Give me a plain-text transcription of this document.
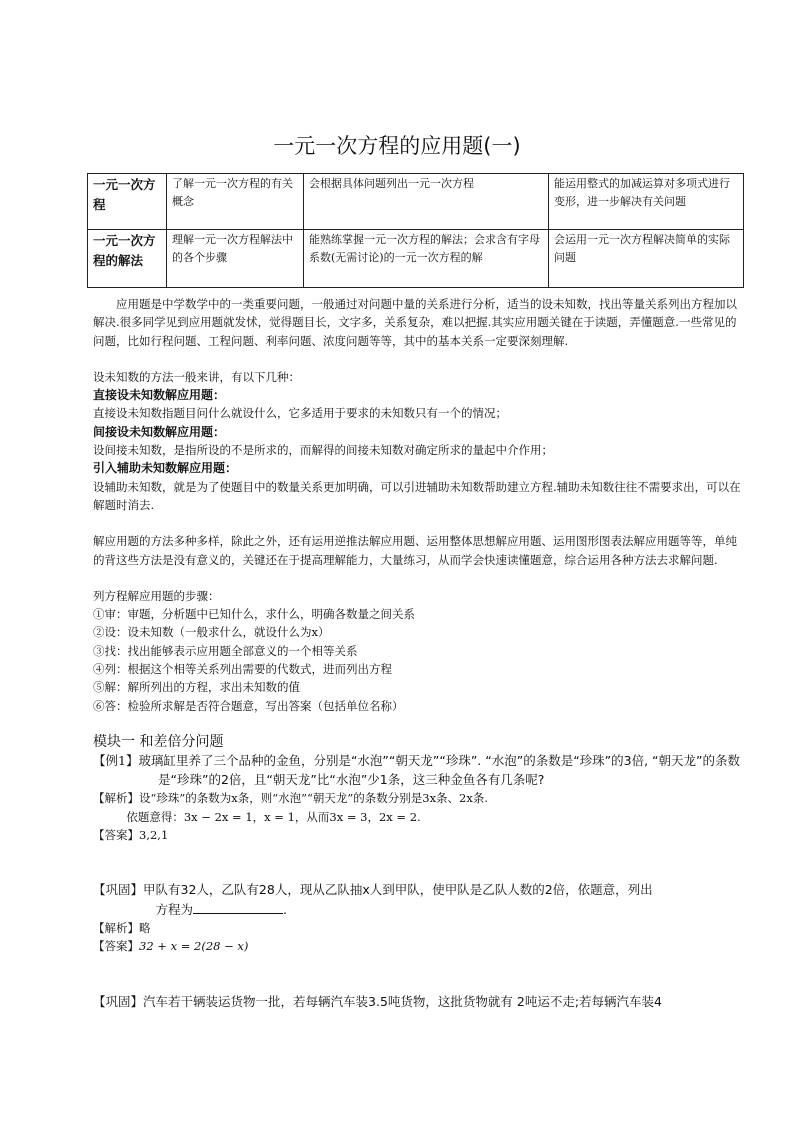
一元一次方程的应用题(一)
一元一次方程	了解一元一次方程的有关概念	会根据具体问题列出一元一次方程	能运用整式的加减运算对多项式进行变形，进一步解决有关问题
一元一次方程的解法	理解一元一次方程解法中的各个步骤	能熟练掌握一元一次方程的解法；会求含有字母系数(无需讨论)的一元一次方程的解	会运用一元一次方程解决简单的实际问题

应用题是中学数学中的一类重要问题，一般通过对问题中量的关系进行分析，适当的设未知数，找出等量关系列出方程加以解决.很多同学见到应用题就发怵，觉得题目长，文字多，关系复杂，难以把握.其实应用题关键在于读题，弄懂题意.一些常见的问题，比如行程问题、工程问题、利率问题、浓度问题等等，其中的基本关系一定要深刻理解.

设未知数的方法一般来讲，有以下几种：

直接设未知数解应用题：

直接设未知数指题目问什么就设什么，它多适用于要求的未知数只有一个的情况；

间接设未知数解应用题：

设间接未知数，是指所设的不是所求的，而解得的间接未知数对确定所求的量起中介作用；

引入辅助未知数解应用题：

设辅助未知数，就是为了使题目中的数量关系更加明确，可以引进辅助未知数帮助建立方程.辅助未知数往往不需要求出，可以在解题时消去.

解应用题的方法多种多样，除此之外，还有运用逆推法解应用题、运用整体思想解应用题、运用图形图表法解应用题等等，单纯的背这些方法是没有意义的，关键还在于提高理解能力，大量练习，从而学会快速读懂题意，综合运用各种方法去求解问题.

列方程解应用题的步骤：

①审：审题，分析题中已知什么，求什么，明确各数量之间关系

②设：设未知数（一般求什么，就设什么为x）

③找：找出能够表示应用题全部意义的一个相等关系

④列：根据这个相等关系列出需要的代数式，进而列出方程

⑤解：解所列出的方程，求出未知数的值

⑥答：检验所求解是否符合题意，写出答案（包括单位名称）

模块一 和差倍分问题

【例1】玻璃缸里养了三个品种的金鱼，分别是“水泡”“朝天龙”“珍珠”. “水泡”的条数是“珍珠”的3倍, “朝天龙”的条数是“珍珠”的2倍，且“朝天龙”比“水泡”少1条，这三种金鱼各有几条呢?

【解析】设“珍珠”的条数为x条，则“水泡”“朝天龙”的条数分别是3x条、2x条.

依题意得：3x − 2x = 1，x = 1，从而3x = 3，2x = 2.

【答案】3,2,1

【巩固】甲队有32人，乙队有28人，现从乙队抽x人到甲队，使甲队是乙队人数的2倍，依题意，列出

方程为	.

【解析】略

【答案】32 + x = 2(28 − x)

【巩固】汽车若干辆装运货物一批，若每辆汽车装3.5吨货物，这批货物就有 2吨运不走;若每辆汽车装4
